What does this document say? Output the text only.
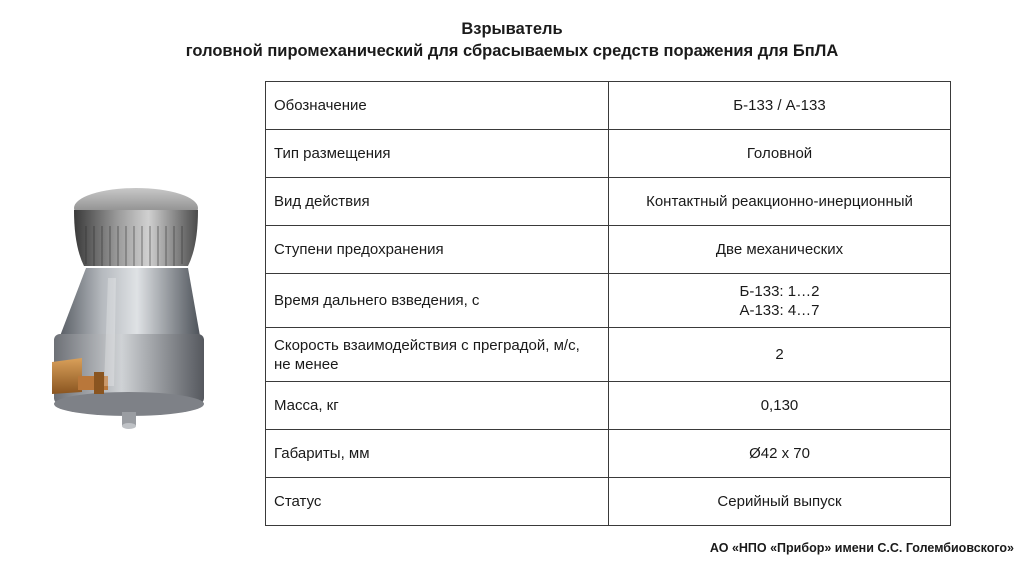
Взрыватель
головной пиромеханический для сбрасываемых средств поражения для БпЛА
Обозначение	Б-133 / А-133

Тип размещения	Головной

Вид действия	Контактный реакционно-инерционный

Ступени предохранения	Две механических

Время дальнего взведения, с	Б-133: 1…2
А-133: 4…7

Скорость взаимодействия с преградой, м/с, не менее	2

Масса, кг	0,130

Габариты, мм	Ø42 х 70

Статус	Серийный выпуск
АО «НПО «Прибор» имени С.С. Голембиовского»
